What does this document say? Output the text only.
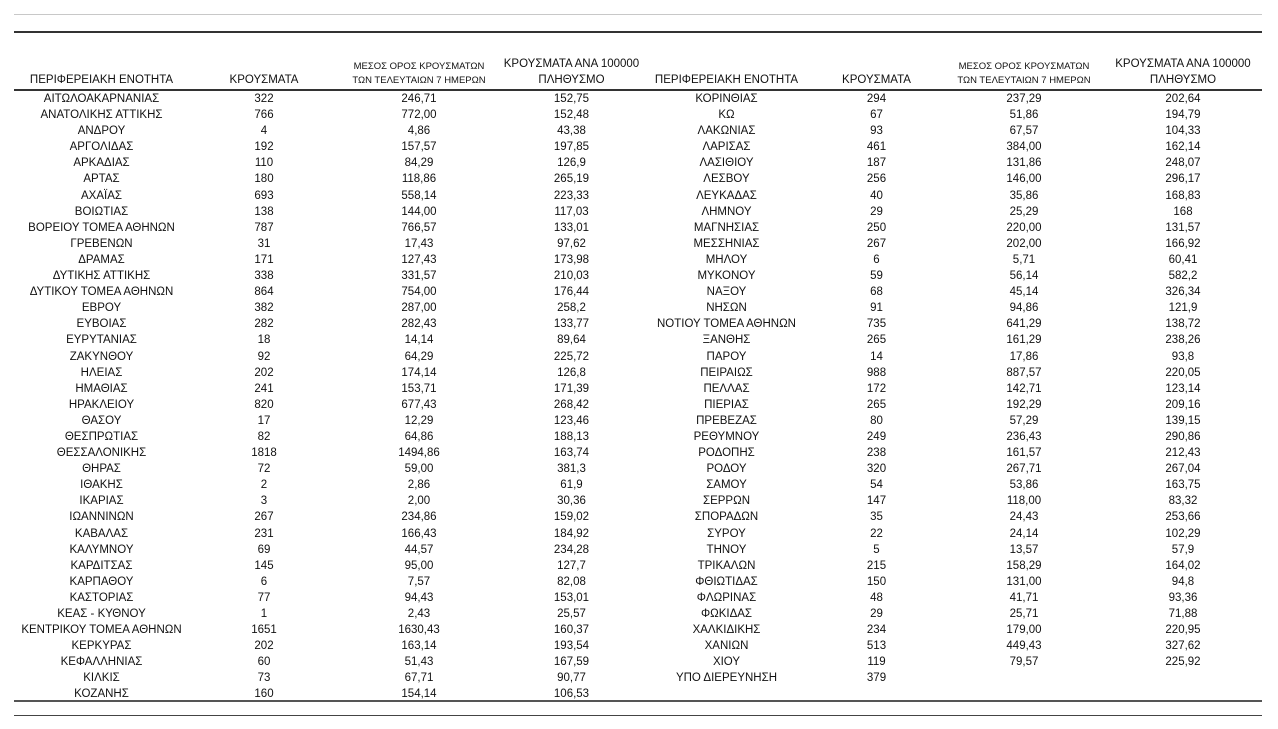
ΠΕΡΙΦΕΡΕΙΑΚΗ ΕΝΟΤΗΤΑ	ΚΡΟΥΣΜΑΤΑ	ΜΕΣΟΣ ΟΡΟΣ ΚΡΟΥΣΜΑΤΩΝ
ΤΩΝ ΤΕΛΕΥΤΑΙΩΝ 7 ΗΜΕΡΩΝ	ΚΡΟΥΣΜΑΤΑ ΑΝΑ 100000
ΠΛΗΘΥΣΜΟ
ΑΙΤΩΛΟΑΚΑΡΝΑΝΙΑΣ	322	246,71	152,75
ΑΝΑΤΟΛΙΚΗΣ ΑΤΤΙΚΗΣ	766	772,00	152,48
ΑΝΔΡΟΥ	4	4,86	43,38
ΑΡΓΟΛΙΔΑΣ	192	157,57	197,85
ΑΡΚΑΔΙΑΣ	110	84,29	126,9
ΑΡΤΑΣ	180	118,86	265,19
ΑΧΑΪΑΣ	693	558,14	223,33
ΒΟΙΩΤΙΑΣ	138	144,00	117,03
ΒΟΡΕΙΟΥ ΤΟΜΕΑ ΑΘΗΝΩΝ	787	766,57	133,01
ΓΡΕΒΕΝΩΝ	31	17,43	97,62
ΔΡΑΜΑΣ	171	127,43	173,98
ΔΥΤΙΚΗΣ ΑΤΤΙΚΗΣ	338	331,57	210,03
ΔΥΤΙΚΟΥ ΤΟΜΕΑ ΑΘΗΝΩΝ	864	754,00	176,44
ΕΒΡΟΥ	382	287,00	258,2
ΕΥΒΟΙΑΣ	282	282,43	133,77
ΕΥΡΥΤΑΝΙΑΣ	18	14,14	89,64
ΖΑΚΥΝΘΟΥ	92	64,29	225,72
ΗΛΕΙΑΣ	202	174,14	126,8
ΗΜΑΘΙΑΣ	241	153,71	171,39
ΗΡΑΚΛΕΙΟΥ	820	677,43	268,42
ΘΑΣΟΥ	17	12,29	123,46
ΘΕΣΠΡΩΤΙΑΣ	82	64,86	188,13
ΘΕΣΣΑΛΟΝΙΚΗΣ	1818	1494,86	163,74
ΘΗΡΑΣ	72	59,00	381,3
ΙΘΑΚΗΣ	2	2,86	61,9
ΙΚΑΡΙΑΣ	3	2,00	30,36
ΙΩΑΝΝΙΝΩΝ	267	234,86	159,02
ΚΑΒΑΛΑΣ	231	166,43	184,92
ΚΑΛΥΜΝΟΥ	69	44,57	234,28
ΚΑΡΔΙΤΣΑΣ	145	95,00	127,7
ΚΑΡΠΑΘΟΥ	6	7,57	82,08
ΚΑΣΤΟΡΙΑΣ	77	94,43	153,01
ΚΕΑΣ - ΚΥΘΝΟΥ	1	2,43	25,57
ΚΕΝΤΡΙΚΟΥ ΤΟΜΕΑ ΑΘΗΝΩΝ	1651	1630,43	160,37
ΚΕΡΚΥΡΑΣ	202	163,14	193,54
ΚΕΦΑΛΛΗΝΙΑΣ	60	51,43	167,59
ΚΙΛΚΙΣ	73	67,71	90,77
ΚΟΖΑΝΗΣ	160	154,14	106,53
ΠΕΡΙΦΕΡΕΙΑΚΗ ΕΝΟΤΗΤΑ	ΚΡΟΥΣΜΑΤΑ	ΜΕΣΟΣ ΟΡΟΣ ΚΡΟΥΣΜΑΤΩΝ
ΤΩΝ ΤΕΛΕΥΤΑΙΩΝ 7 ΗΜΕΡΩΝ	ΚΡΟΥΣΜΑΤΑ ΑΝΑ 100000
ΠΛΗΘΥΣΜΟ
ΚΟΡΙΝΘΙΑΣ	294	237,29	202,64
ΚΩ	67	51,86	194,79
ΛΑΚΩΝΙΑΣ	93	67,57	104,33
ΛΑΡΙΣΑΣ	461	384,00	162,14
ΛΑΣΙΘΙΟΥ	187	131,86	248,07
ΛΕΣΒΟΥ	256	146,00	296,17
ΛΕΥΚΑΔΑΣ	40	35,86	168,83
ΛΗΜΝΟΥ	29	25,29	168
ΜΑΓΝΗΣΙΑΣ	250	220,00	131,57
ΜΕΣΣΗΝΙΑΣ	267	202,00	166,92
ΜΗΛΟΥ	6	5,71	60,41
ΜΥΚΟΝΟΥ	59	56,14	582,2
ΝΑΞΟΥ	68	45,14	326,34
ΝΗΣΩΝ	91	94,86	121,9
ΝΟΤΙΟΥ ΤΟΜΕΑ ΑΘΗΝΩΝ	735	641,29	138,72
ΞΑΝΘΗΣ	265	161,29	238,26
ΠΑΡΟΥ	14	17,86	93,8
ΠΕΙΡΑΙΩΣ	988	887,57	220,05
ΠΕΛΛΑΣ	172	142,71	123,14
ΠΙΕΡΙΑΣ	265	192,29	209,16
ΠΡΕΒΕΖΑΣ	80	57,29	139,15
ΡΕΘΥΜΝΟΥ	249	236,43	290,86
ΡΟΔΟΠΗΣ	238	161,57	212,43
ΡΟΔΟΥ	320	267,71	267,04
ΣΑΜΟΥ	54	53,86	163,75
ΣΕΡΡΩΝ	147	118,00	83,32
ΣΠΟΡΑΔΩΝ	35	24,43	253,66
ΣΥΡΟΥ	22	24,14	102,29
ΤΗΝΟΥ	5	13,57	57,9
ΤΡΙΚΑΛΩΝ	215	158,29	164,02
ΦΘΙΩΤΙΔΑΣ	150	131,00	94,8
ΦΛΩΡΙΝΑΣ	48	41,71	93,36
ΦΩΚΙΔΑΣ	29	25,71	71,88
ΧΑΛΚΙΔΙΚΗΣ	234	179,00	220,95
ΧΑΝΙΩΝ	513	449,43	327,62
ΧΙΟΥ	119	79,57	225,92
ΥΠΟ ΔΙΕΡΕΥΝΗΣΗ	379		
